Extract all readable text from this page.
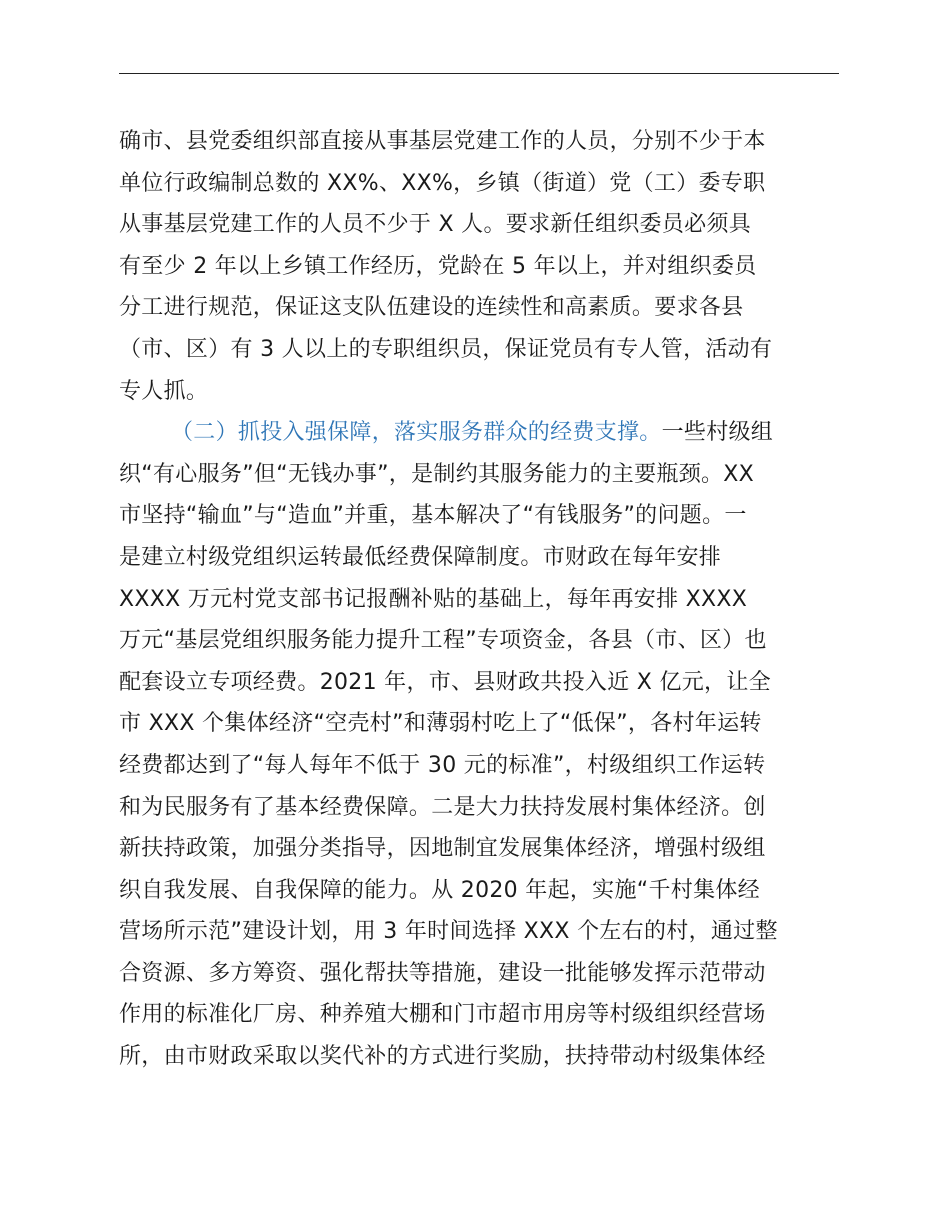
确市、县党委组织部直接从事基层党建工作的人员，分别不少于本
单位行政编制总数的 XX%、XX%，乡镇（街道）党（工）委专职
从事基层党建工作的人员不少于 X 人。要求新任组织委员必须具
有至少 2 年以上乡镇工作经历，党龄在 5 年以上，并对组织委员
分工进行规范，保证这支队伍建设的连续性和高素质。要求各县
（市、区）有 3 人以上的专职组织员，保证党员有专人管，活动有
专人抓。
（二）抓投入强保障，落实服务群众的经费支撑。一些村级组
织“有心服务”但“无钱办事”，是制约其服务能力的主要瓶颈。XX
市坚持“输血”与“造血”并重，基本解决了“有钱服务”的问题。一
是建立村级党组织运转最低经费保障制度。市财政在每年安排
XXXX 万元村党支部书记报酬补贴的基础上，每年再安排 XXXX
万元“基层党组织服务能力提升工程”专项资金，各县（市、区）也
配套设立专项经费。2021 年，市、县财政共投入近 X 亿元，让全
市 XXX 个集体经济“空壳村”和薄弱村吃上了“低保”，各村年运转
经费都达到了“每人每年不低于 30 元的标准”，村级组织工作运转
和为民服务有了基本经费保障。二是大力扶持发展村集体经济。创
新扶持政策，加强分类指导，因地制宜发展集体经济，增强村级组
织自我发展、自我保障的能力。从 2020 年起，实施“千村集体经
营场所示范”建设计划，用 3 年时间选择 XXX 个左右的村，通过整
合资源、多方筹资、强化帮扶等措施，建设一批能够发挥示范带动
作用的标准化厂房、种养殖大棚和门市超市用房等村级组织经营场
所，由市财政采取以奖代补的方式进行奖励，扶持带动村级集体经
